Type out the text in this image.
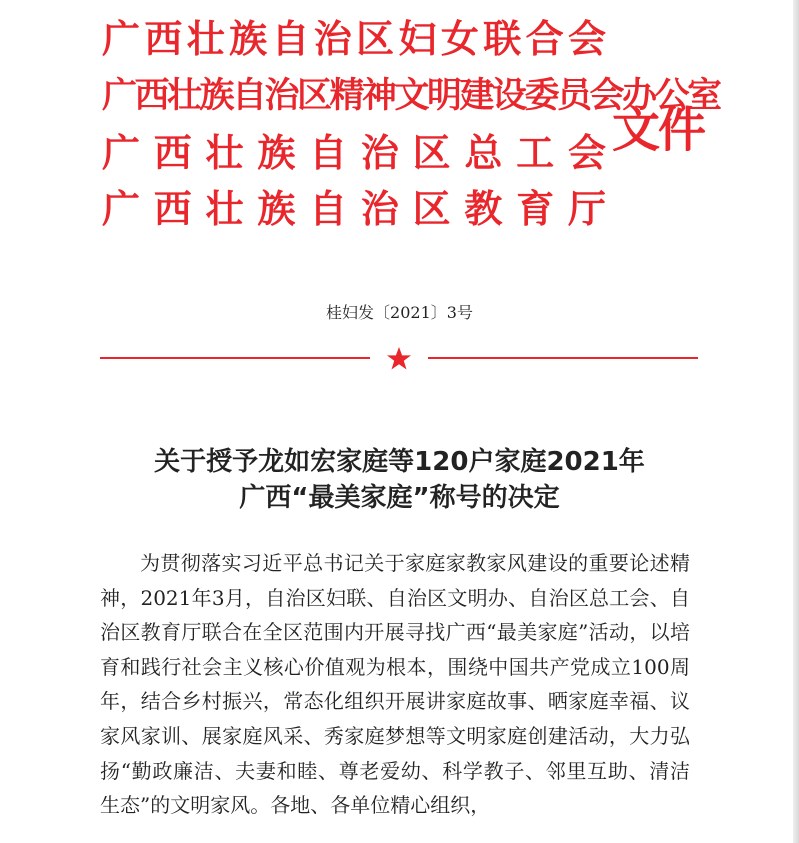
广西壮族自治区妇女联合会
广西壮族自治区精神文明建设委员会办公室
广西壮族自治区总工会
广西壮族自治区教育厅
文件
桂妇发〔2021〕3号
关于授予龙如宏家庭等120户家庭2021年
广西“最美家庭”称号的决定

为贯彻落实习近平总书记关于家庭家教家风建设的重要论述精神，2021年3月，自治区妇联、自治区文明办、自治区总工会、自治区教育厅联合在全区范围内开展寻找广西“最美家庭”活动，以培育和践行社会主义核心价值观为根本，围绕中国共产党成立100周年，结合乡村振兴，常态化组织开展讲家庭故事、晒家庭幸福、议家风家训、展家庭风采、秀家庭梦想等文明家庭创建活动，大力弘扬“勤政廉洁、夫妻和睦、尊老爱幼、科学教子、邻里互助、清洁生态”的文明家风。各地、各单位精心组织，
